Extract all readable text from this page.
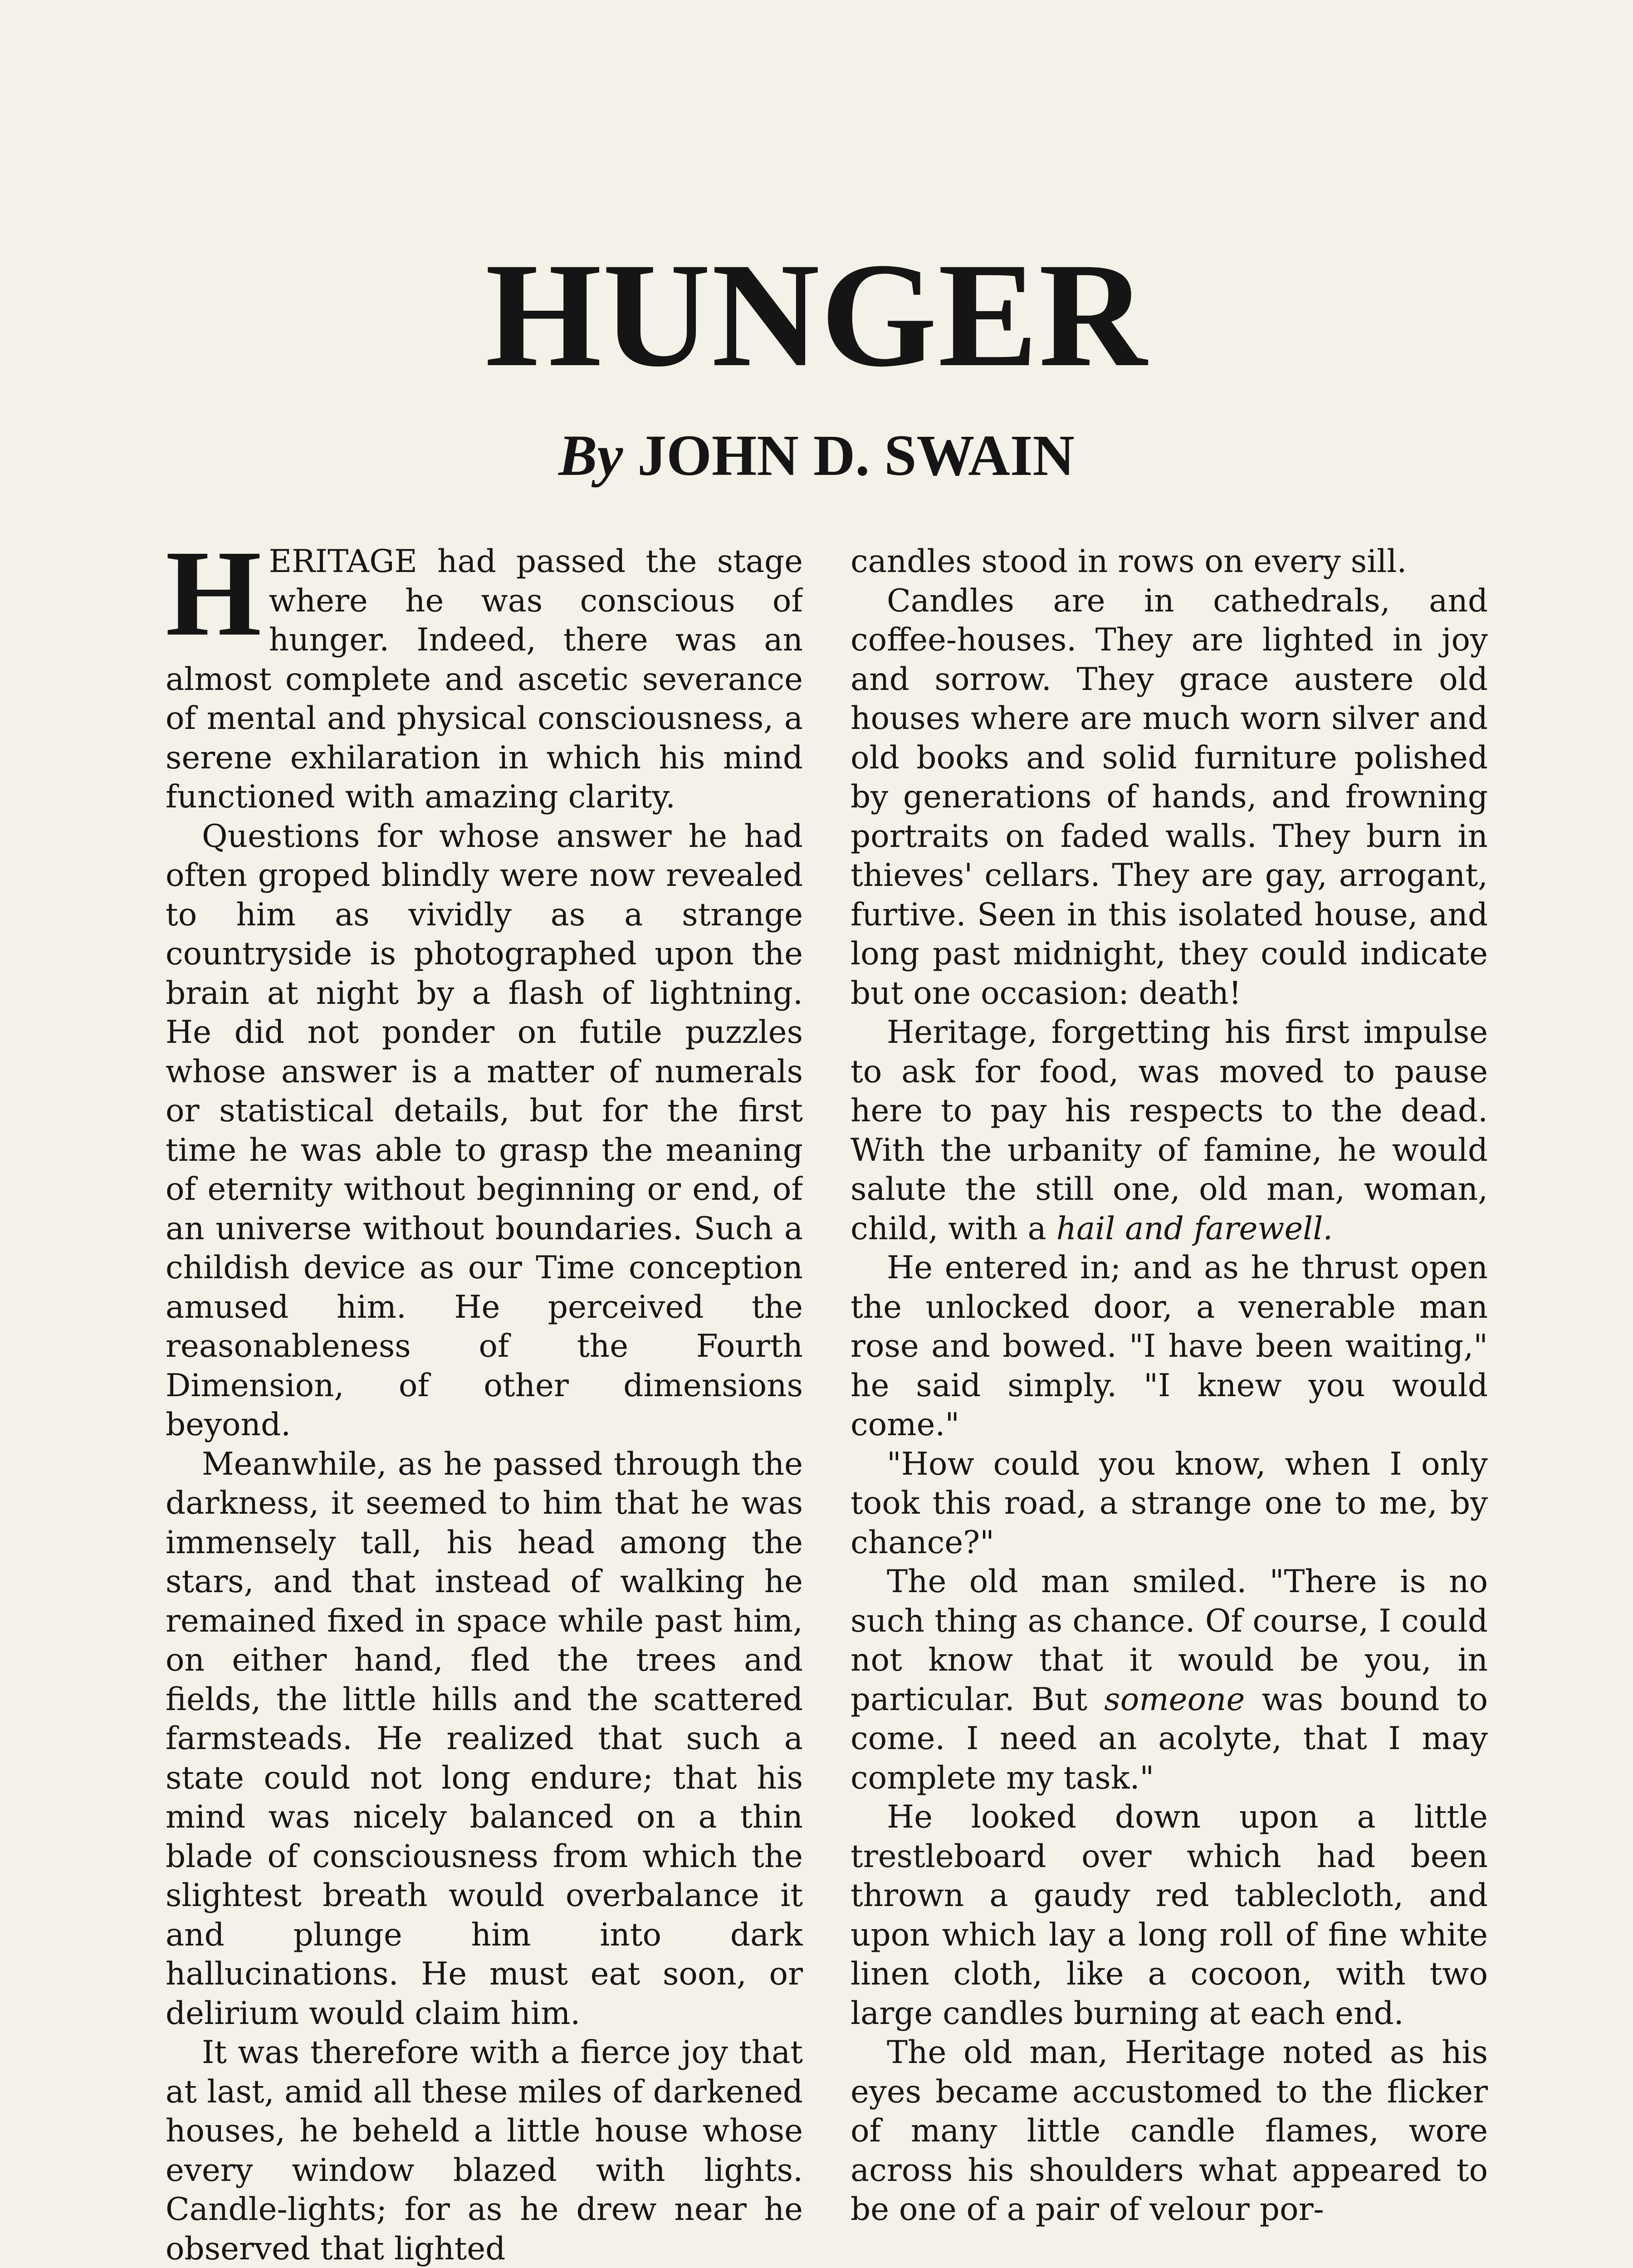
HUNGER
By JOHN D. SWAIN

HERITAGE had passed the stage where he was conscious of hunger. Indeed, there was an almost complete and ascetic severance of mental and physical consciousness, a serene exhilaration in which his mind functioned with amazing clarity.

Questions for whose answer he had often groped blindly were now revealed to him as vividly as a strange countryside is photographed upon the brain at night by a flash of lightning. He did not ponder on futile puzzles whose answer is a matter of numerals or statistical details, but for the first time he was able to grasp the meaning of eternity without beginning or end, of an universe without boundaries. Such a childish device as our Time conception amused him. He perceived the reasonableness of the Fourth Dimension, of other dimensions beyond.

Meanwhile, as he passed through the darkness, it seemed to him that he was immensely tall, his head among the stars, and that instead of walking he remained fixed in space while past him, on either hand, fled the trees and fields, the little hills and the scattered farmsteads. He realized that such a state could not long endure; that his mind was nicely balanced on a thin blade of consciousness from which the slightest breath would overbalance it and plunge him into dark hallucinations. He must eat soon, or delirium would claim him.

It was therefore with a fierce joy that at last, amid all these miles of darkened houses, he beheld a little house whose every window blazed with lights. Candle-lights; for as he drew near he observed that lighted

candles stood in rows on every sill.

Candles are in cathedrals, and coffee-houses. They are lighted in joy and sorrow. They grace austere old houses where are much worn silver and old books and solid furniture polished by generations of hands, and frowning portraits on faded walls. They burn in thieves' cellars. They are gay, arrogant, furtive. Seen in this isolated house, and long past midnight, they could indicate but one occasion: death!

Heritage, forgetting his first impulse to ask for food, was moved to pause here to pay his respects to the dead. With the urbanity of famine, he would salute the still one, old man, woman, child, with a hail and farewell.

He entered in; and as he thrust open the unlocked door, a venerable man rose and bowed. "I have been waiting," he said simply. "I knew you would come."

"How could you know, when I only took this road, a strange one to me, by chance?"

The old man smiled. "There is no such thing as chance. Of course, I could not know that it would be you, in particular. But someone was bound to come. I need an acolyte, that I may complete my task."

He looked down upon a little trestleboard over which had been thrown a gaudy red tablecloth, and upon which lay a long roll of fine white linen cloth, like a cocoon, with two large candles burning at each end.

The old man, Heritage noted as his eyes became accustomed to the flicker of many little candle flames, wore across his shoulders what appeared to be one of a pair of velour por-
